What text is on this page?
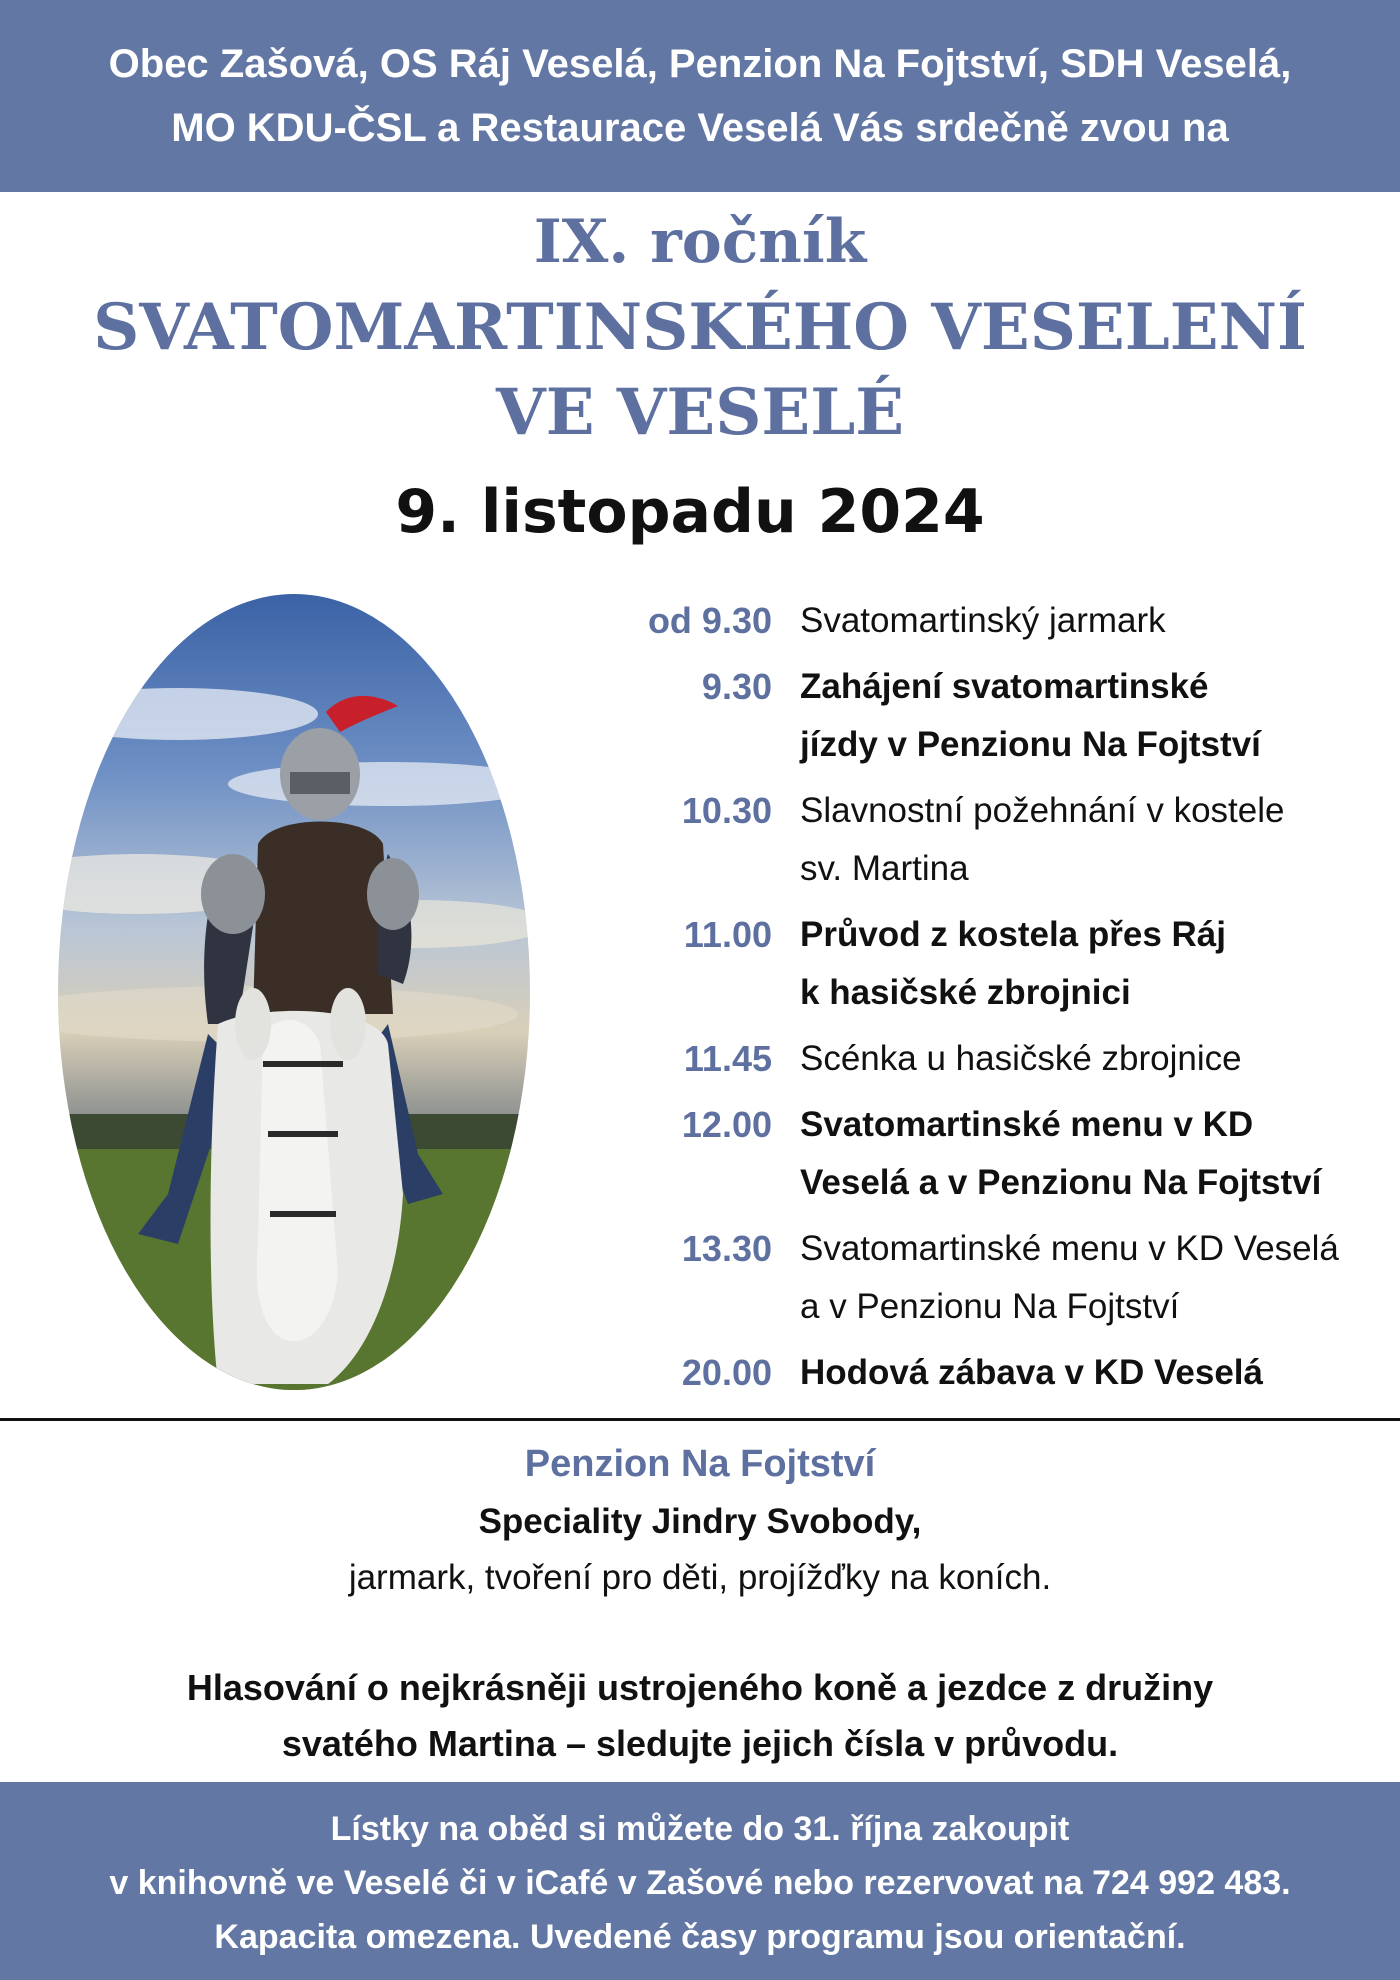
Obec Zašová, OS Ráj Veselá, Penzion Na Fojtství, SDH Veselá,
MO KDU-ČSL a Restaurace Veselá Vás srdečně zvou na
IX. ročník
SVATOMARTINSKÉHO VESELENÍ
VE VESELÉ
9. listopadu 2024
od 9.30 Svatomartinský jarmark
9.30 Zahájení svatomartinské
jízdy v Penzionu Na Fojtství
10.30 Slavnostní požehnání v kostele
sv. Martina
11.00 Průvod z kostela přes Ráj
k hasičské zbrojnici
11.45 Scénka u hasičské zbrojnice
12.00 Svatomartinské menu v KD
Veselá a v Penzionu Na Fojtství
13.30 Svatomartinské menu v KD Veselá
a v Penzionu Na Fojtství
20.00 Hodová zábava v KD Veselá
Penzion Na Fojtství
Speciality Jindry Svobody,
jarmark, tvoření pro děti, projížďky na koních.
Hlasování o nejkrásněji ustrojeného koně a jezdce z družiny
svatého Martina – sledujte jejich čísla v průvodu.
Lístky na oběd si můžete do 31. října zakoupit
v knihovně ve Veselé či v iCafé v Zašové nebo rezervovat na 724 992 483.
Kapacita omezena. Uvedené časy programu jsou orientační.
